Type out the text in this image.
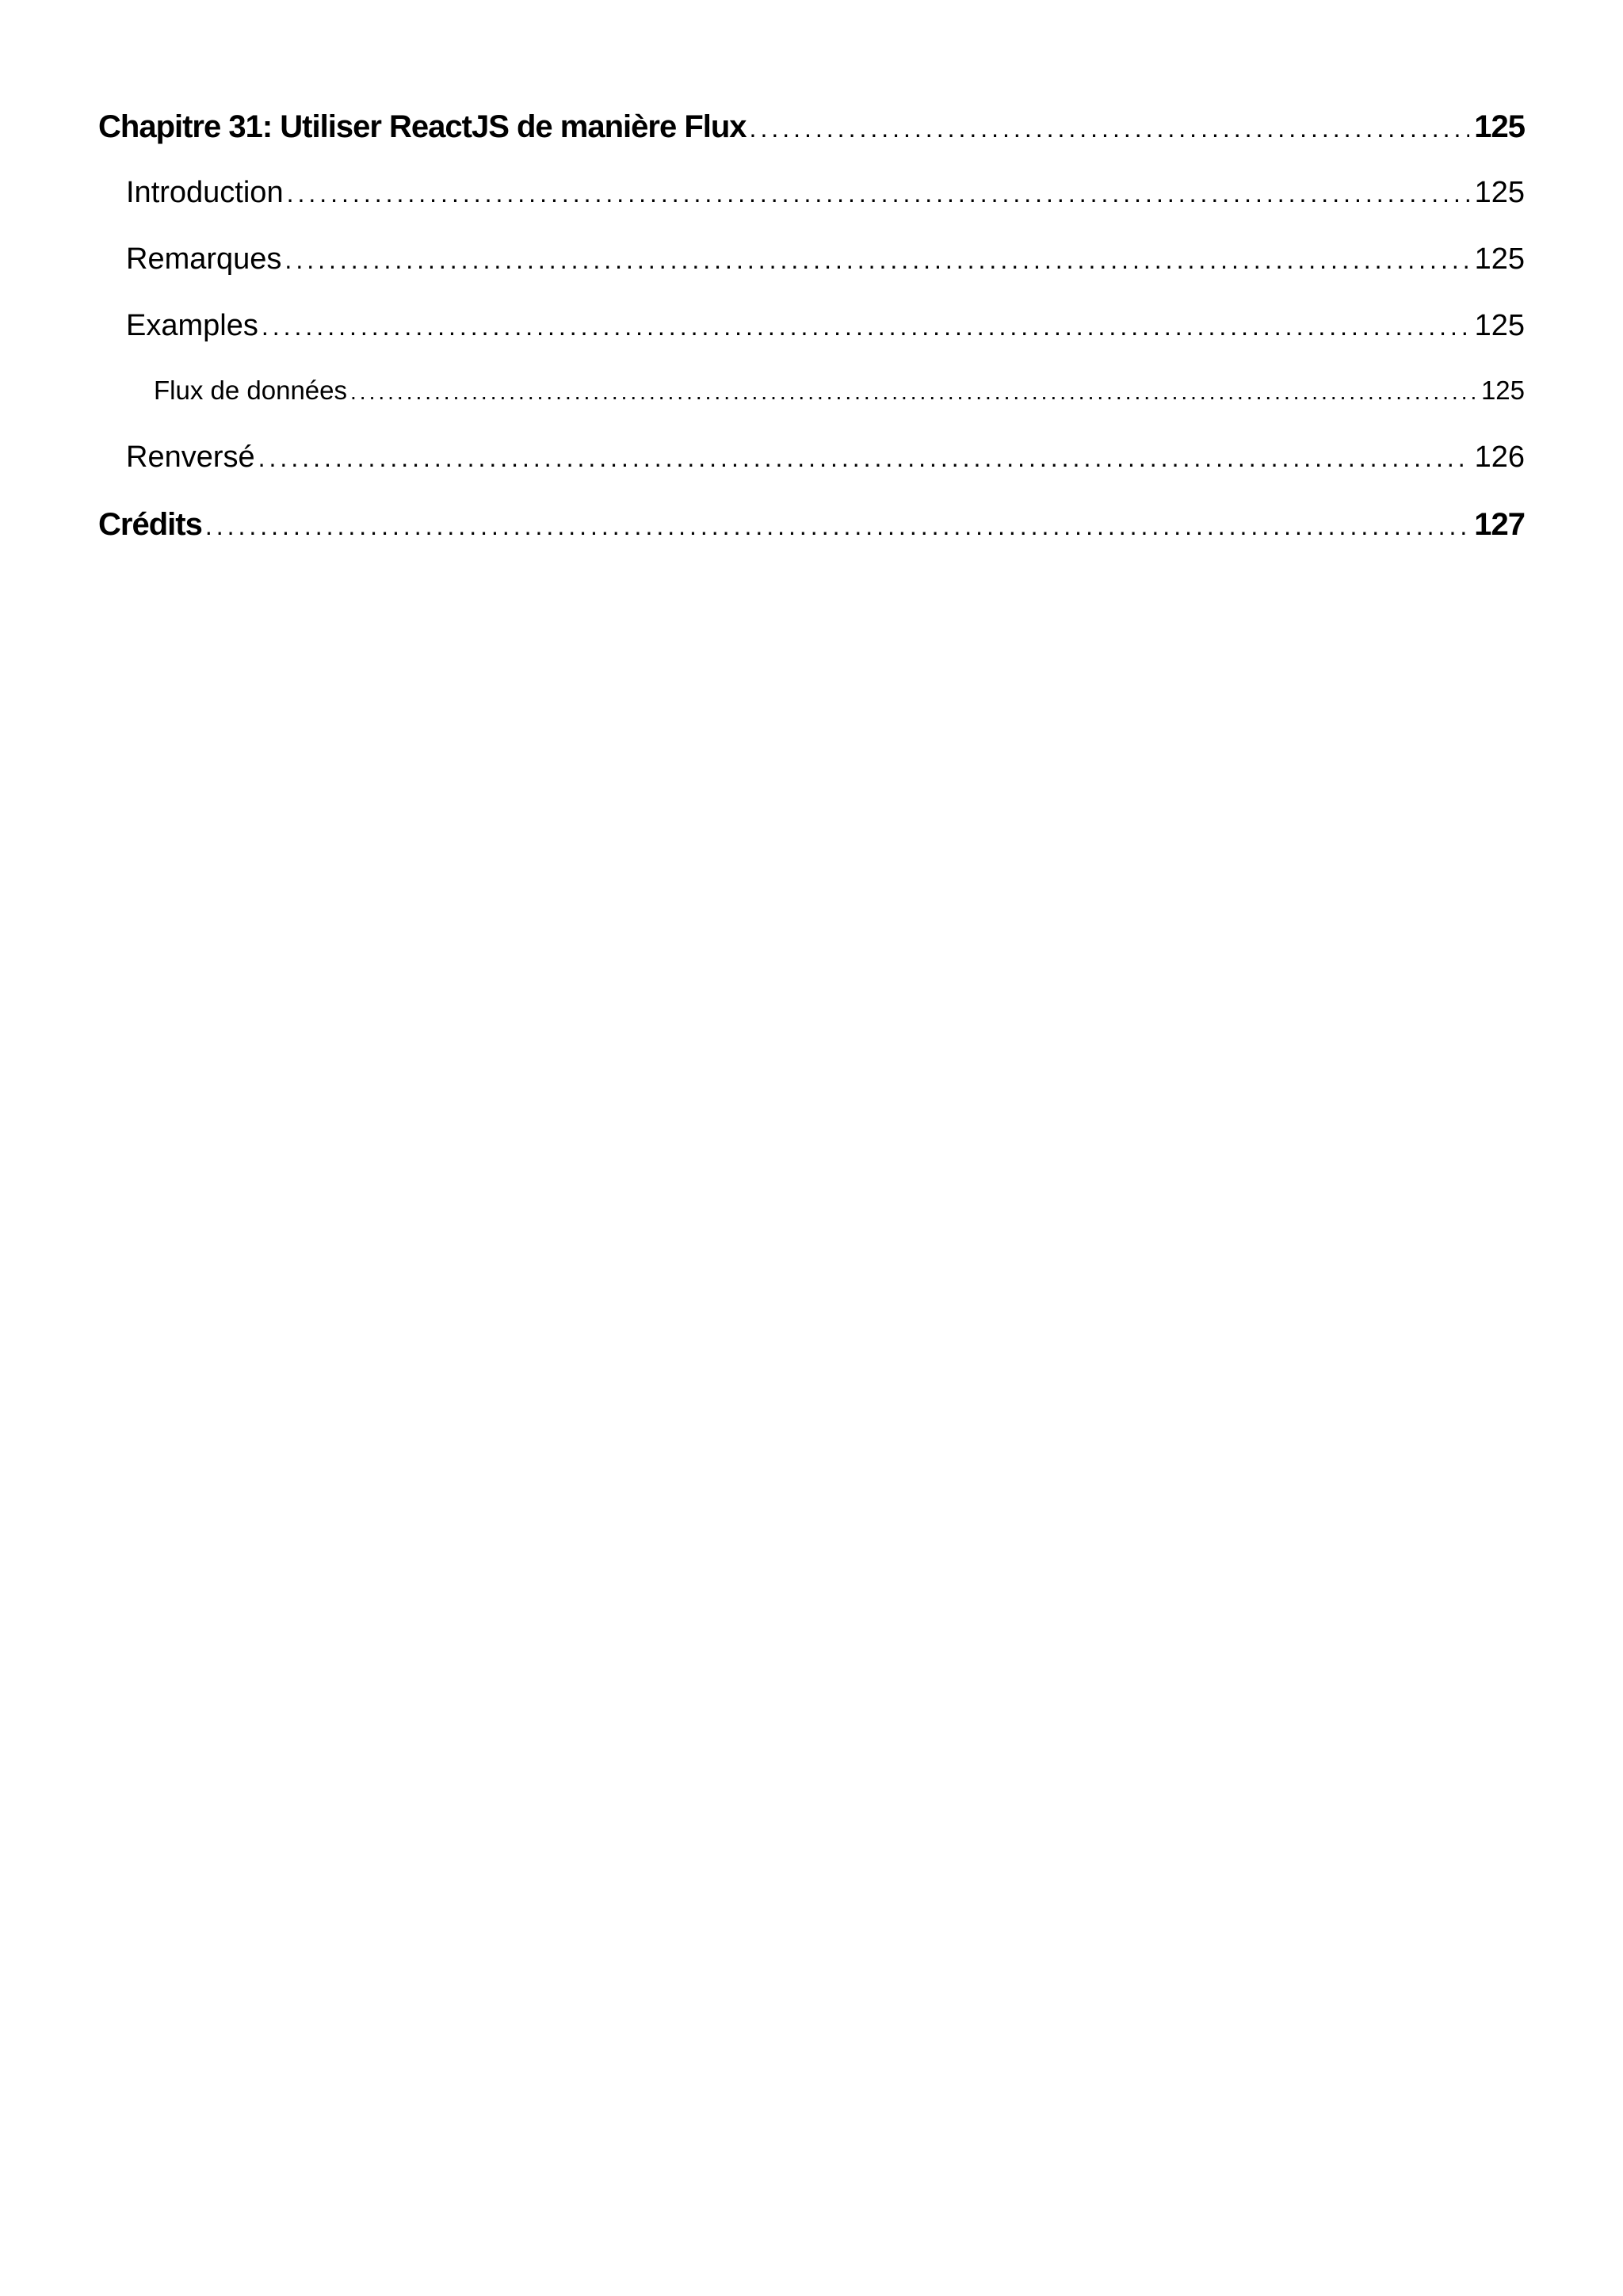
Chapitre 31: Utiliser ReactJS de manière Flux .....	125
Introduction .....	125
Remarques .....	125
Examples .....	125
Flux de données .....	125
Renversé .....	126
Crédits .....	127
